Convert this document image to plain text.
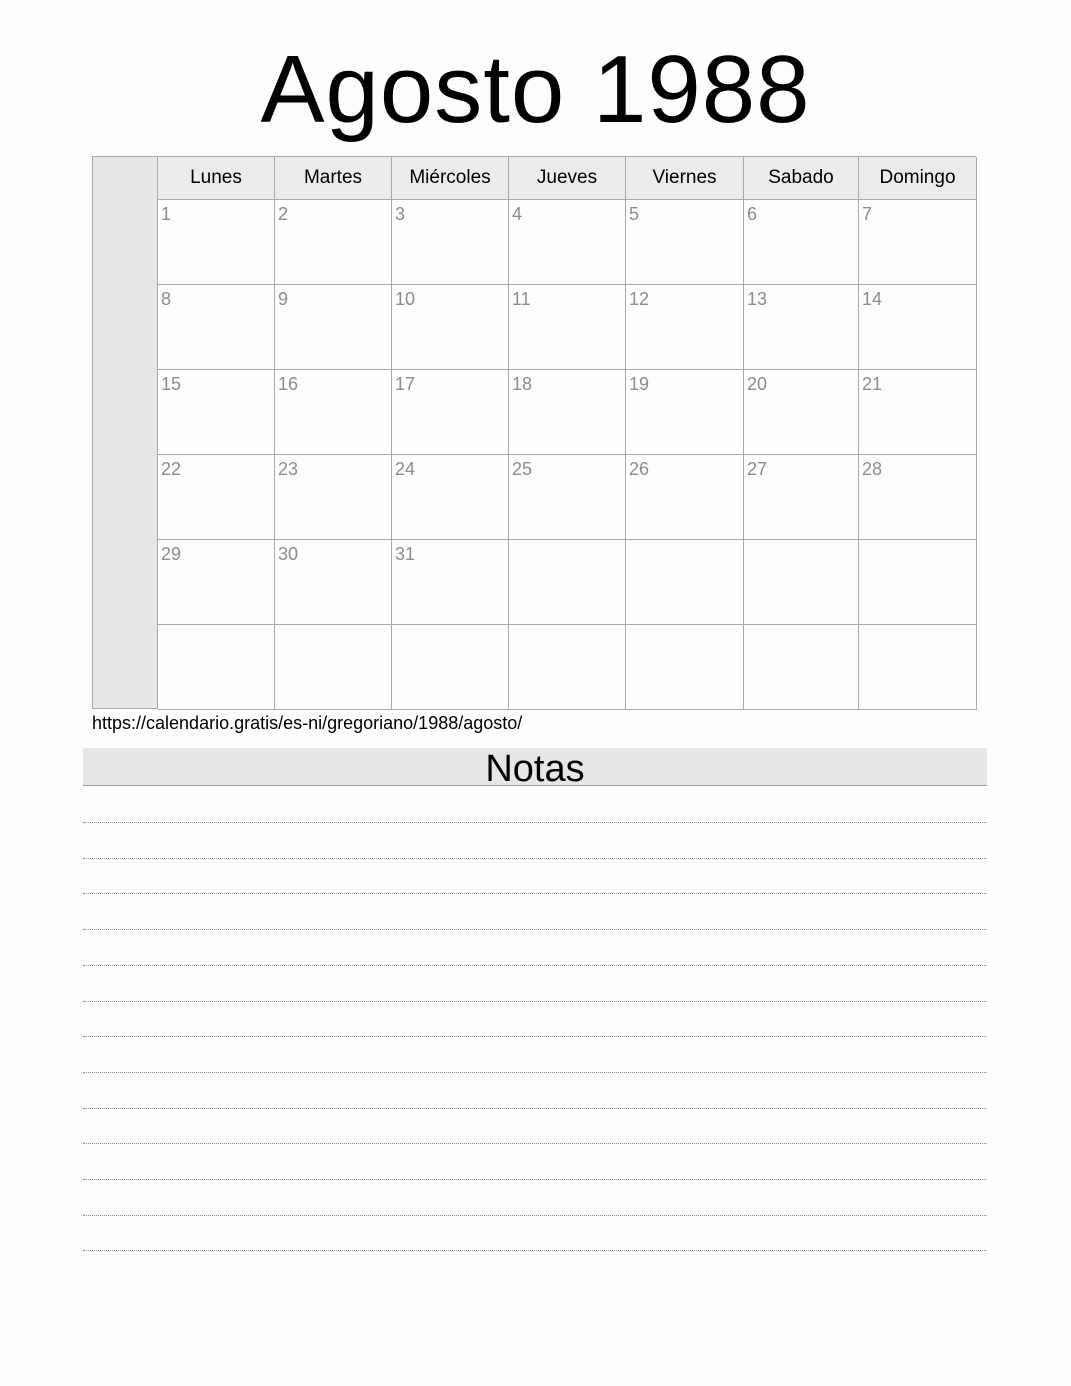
Agosto 1988
Lunes	Martes	Miércoles	Jueves	Viernes	Sabado	Domingo
1	2	3	4	5	6	7
8	9	10	11	12	13	14
15	16	17	18	19	20	21
22	23	24	25	26	27	28
29	30	31
https://calendario.gratis/es-ni/gregoriano/1988/agosto/
Notas
